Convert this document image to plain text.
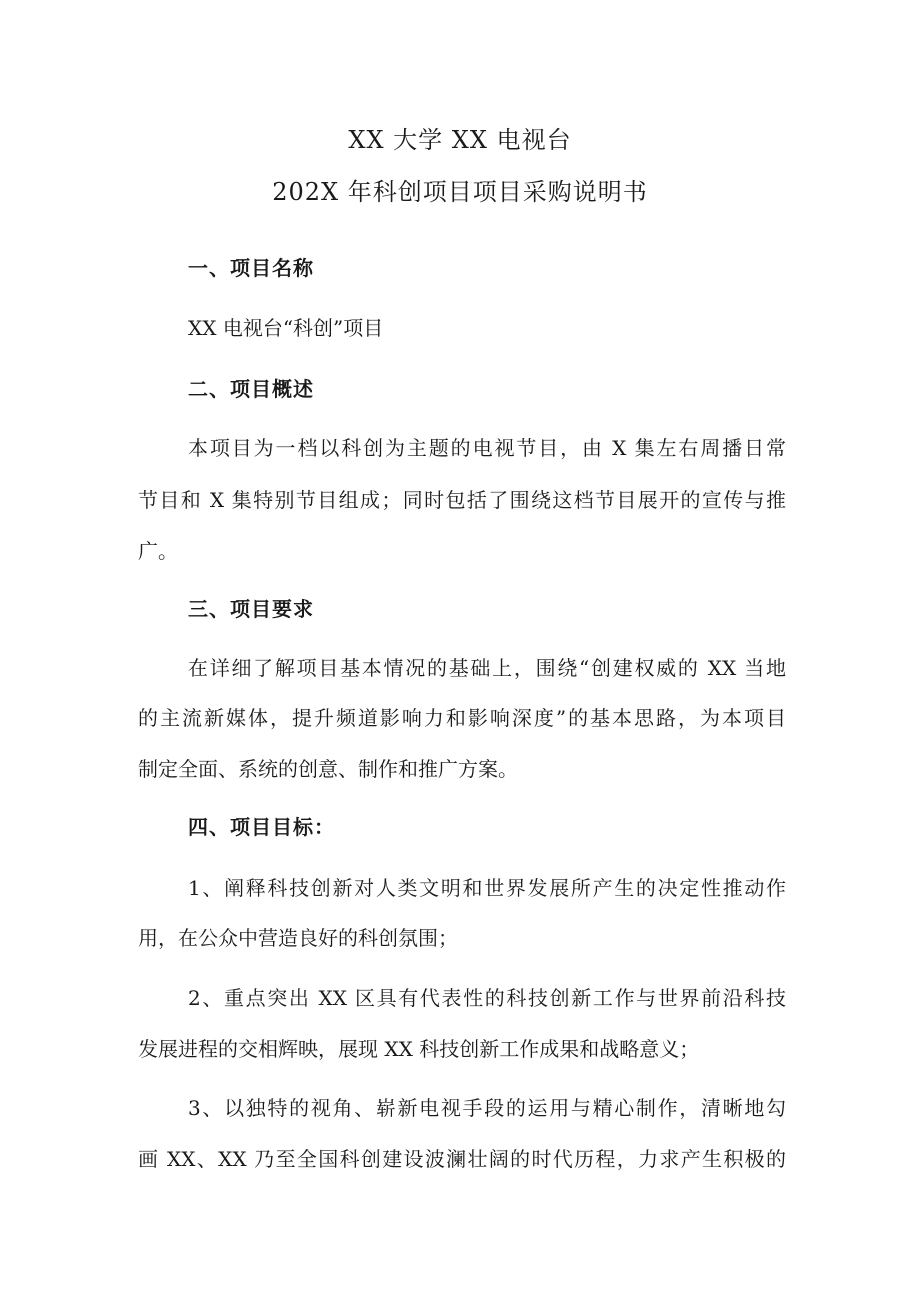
XX 大学 XX 电视台
202X 年科创项目项目采购说明书
一、项目名称
XX 电视台“科创”项目
二、项目概述
本项目为一档以科创为主题的电视节目，由 X 集左右周播日常
节目和 X 集特别节目组成；同时包括了围绕这档节目展开的宣传与推
广。
三、项目要求
在详细了解项目基本情况的基础上，围绕“创建权威的 XX 当地
的主流新媒体，提升频道影响力和影响深度”的基本思路，为本项目
制定全面、系统的创意、制作和推广方案。
四、项目目标：
1、阐释科技创新对人类文明和世界发展所产生的决定性推动作
用，在公众中营造良好的科创氛围；
2、重点突出 XX 区具有代表性的科技创新工作与世界前沿科技
发展进程的交相辉映，展现 XX 科技创新工作成果和战略意义；
3、以独特的视角、崭新电视手段的运用与精心制作，清晰地勾
画 XX、XX 乃至全国科创建设波澜壮阔的时代历程，力求产生积极的
